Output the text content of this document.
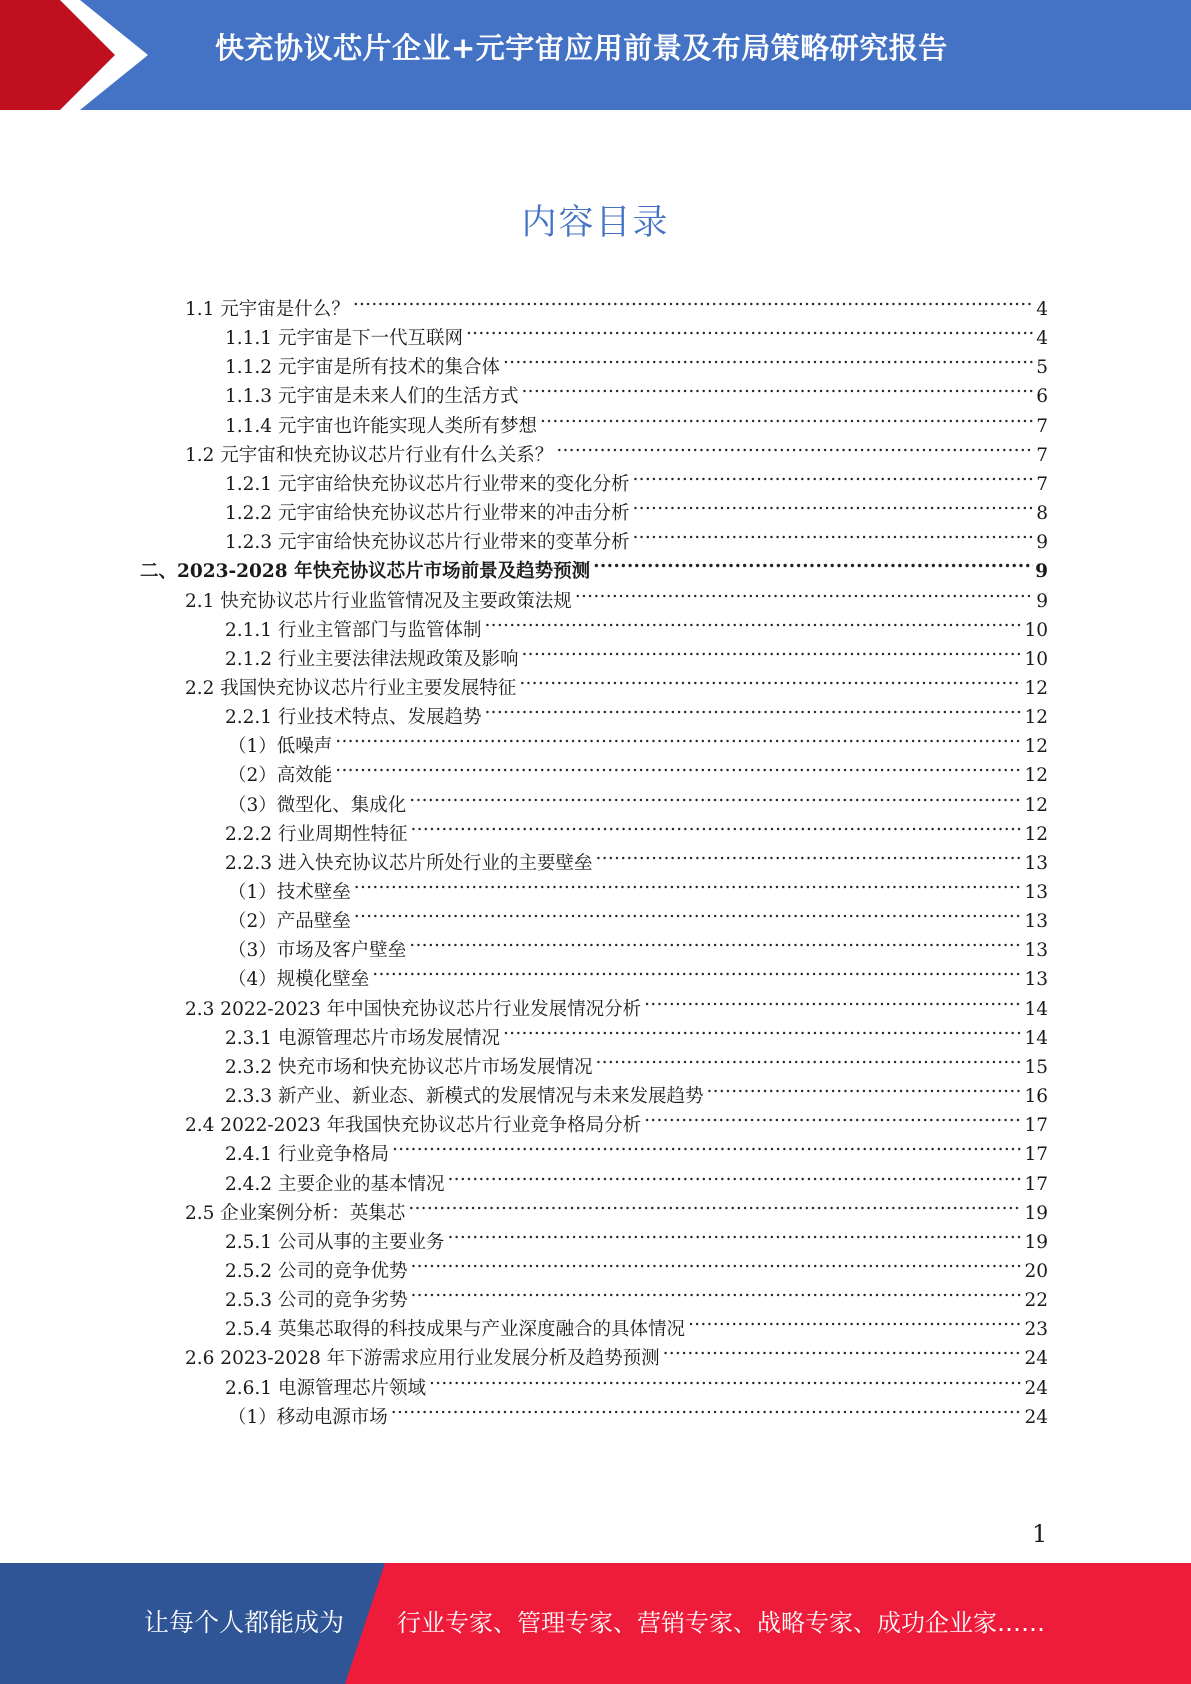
快充协议芯片企业+元宇宙应用前景及布局策略研究报告
内容目录
1.1 元宇宙是什么？ .....	4
1.1.1 元宇宙是下一代互联网 .....	4
1.1.2 元宇宙是所有技术的集合体 .....	5
1.1.3 元宇宙是未来人们的生活方式 .....	6
1.1.4 元宇宙也许能实现人类所有梦想 .....	7
1.2 元宇宙和快充协议芯片行业有什么关系？ .....	7
1.2.1 元宇宙给快充协议芯片行业带来的变化分析 .....	7
1.2.2 元宇宙给快充协议芯片行业带来的冲击分析 .....	8
1.2.3 元宇宙给快充协议芯片行业带来的变革分析 .....	9
二、2023-2028 年快充协议芯片市场前景及趋势预测 .....	9
2.1 快充协议芯片行业监管情况及主要政策法规 .....	9
2.1.1 行业主管部门与监管体制 .....	10
2.1.2 行业主要法律法规政策及影响 .....	10
2.2 我国快充协议芯片行业主要发展特征 .....	12
2.2.1 行业技术特点、发展趋势 .....	12
（1）低噪声 .....	12
（2）高效能 .....	12
（3）微型化、集成化 .....	12
2.2.2 行业周期性特征 .....	12
2.2.3 进入快充协议芯片所处行业的主要壁垒 .....	13
（1）技术壁垒 .....	13
（2）产品壁垒 .....	13
（3）市场及客户壁垒 .....	13
（4）规模化壁垒 .....	13
2.3 2022-2023 年中国快充协议芯片行业发展情况分析 .....	14
2.3.1 电源管理芯片市场发展情况 .....	14
2.3.2 快充市场和快充协议芯片市场发展情况 .....	15
2.3.3 新产业、新业态、新模式的发展情况与未来发展趋势 .....	16
2.4 2022-2023 年我国快充协议芯片行业竞争格局分析 .....	17
2.4.1 行业竞争格局 .....	17
2.4.2 主要企业的基本情况 .....	17
2.5 企业案例分析：英集芯 .....	19
2.5.1 公司从事的主要业务 .....	19
2.5.2 公司的竞争优势 .....	20
2.5.3 公司的竞争劣势 .....	22
2.5.4 英集芯取得的科技成果与产业深度融合的具体情况 .....	23
2.6 2023-2028 年下游需求应用行业发展分析及趋势预测 .....	24
2.6.1 电源管理芯片领域 .....	24
（1）移动电源市场 .....	24
1
让每个人都能成为 行业专家、管理专家、营销专家、战略专家、成功企业家……
